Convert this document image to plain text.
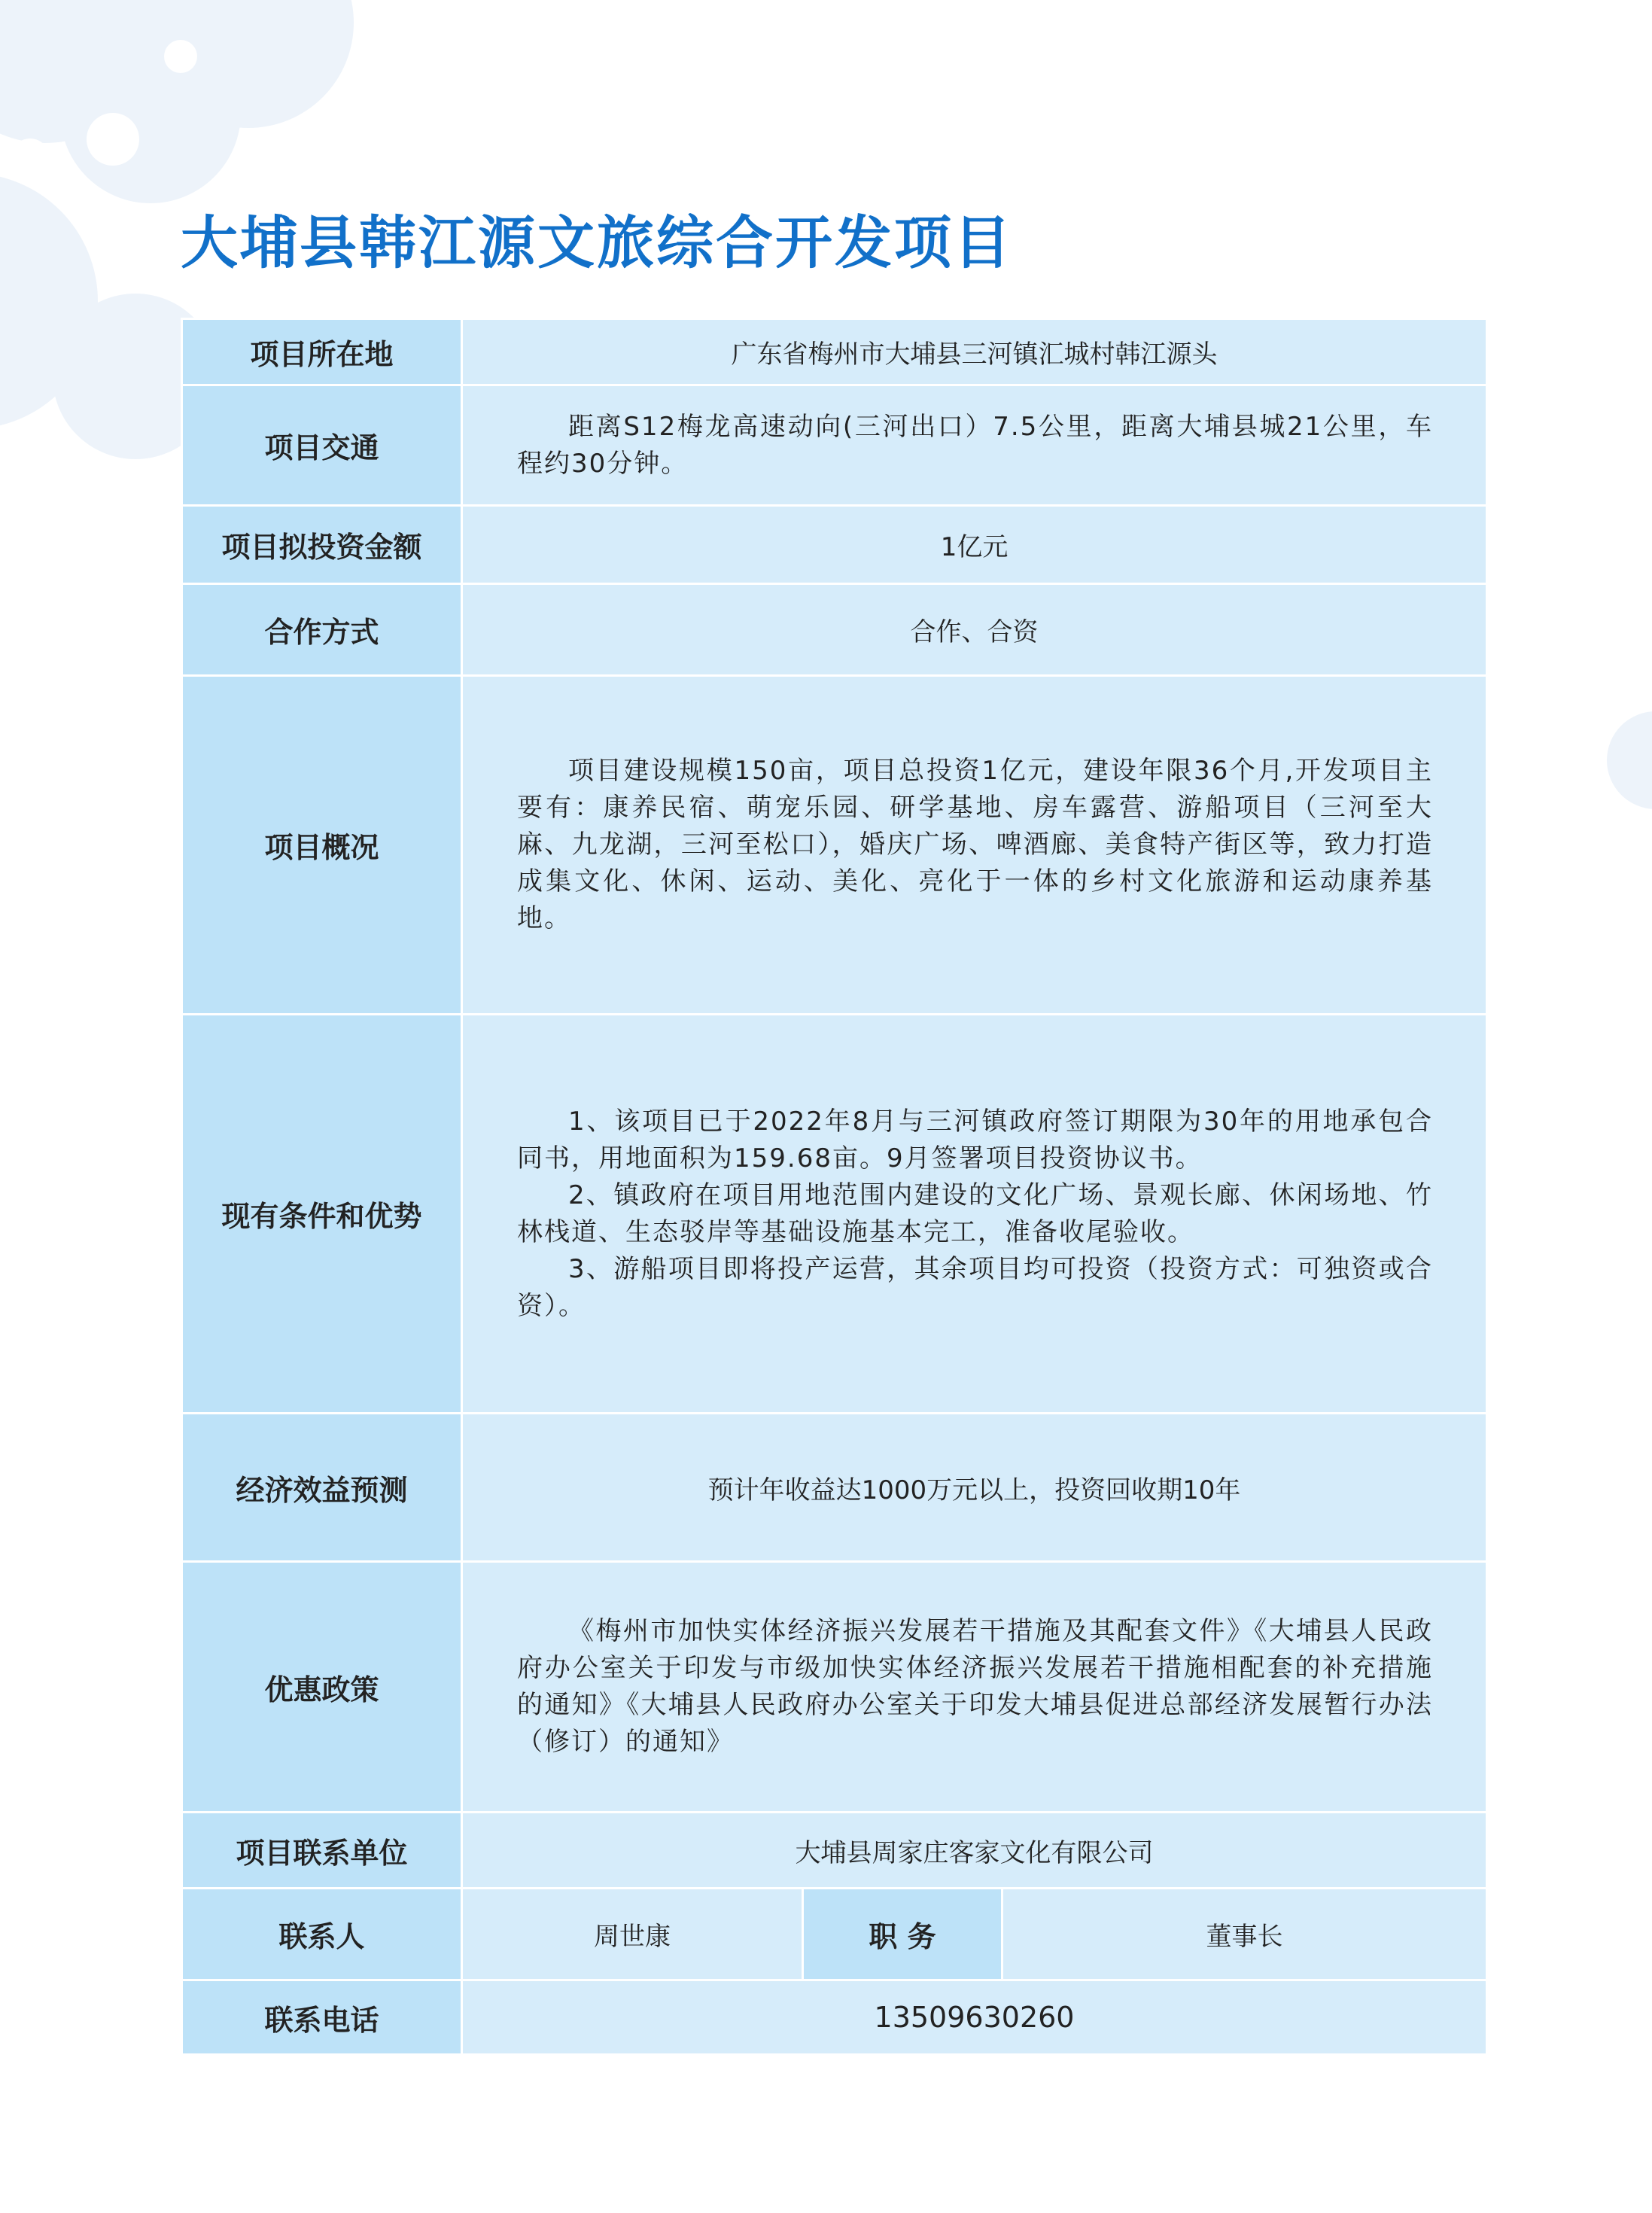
大埔县韩江源文旅综合开发项目
项目所在地	广东省梅州市大埔县三河镇汇城村韩江源头		
项目交通	距离S12梅龙高速动向(三河出口）7.5公里，距离大埔县城21公里，车程约30分钟。		

项目拟投资金额	1亿元		
合作方式	合作、合资		
项目概况	项目建设规模150亩，项目总投资1亿元，建设年限36个月,开发项目主要有：康养民宿、萌宠乐园、研学基地、房车露营、游船项目（三河至大麻、九龙湖，三河至松口），婚庆广场、啤酒廊、美食特产街区等，致力打造成集文化、休闲、运动、美化、亮化于一体的乡村文化旅游和运动康养基地。		

现有条件和优势	1、该项目已于2022年8月与三河镇政府签订期限为30年的用地承包合同书，用地面积为159.68亩。9月签署项目投资协议书。

2、镇政府在项目用地范围内建设的文化广场、景观长廊、休闲场地、竹林栈道、生态驳岸等基础设施基本完工，准备收尾验收。

3、游船项目即将投产运营，其余项目均可投资（投资方式：可独资或合资）。		

经济效益预测	预计年收益达1000万元以上，投资回收期10年		
优惠政策	《梅州市加快实体经济振兴发展若干措施及其配套文件》《大埔县人民政府办公室关于印发与市级加快实体经济振兴发展若干措施相配套的补充措施的通知》《大埔县人民政府办公室关于印发大埔县促进总部经济发展暂行办法（修订）的通知》		

项目联系单位	大埔县周家庄客家文化有限公司		
联系人	周世康	职 务	董事长
联系电话	13509630260		
